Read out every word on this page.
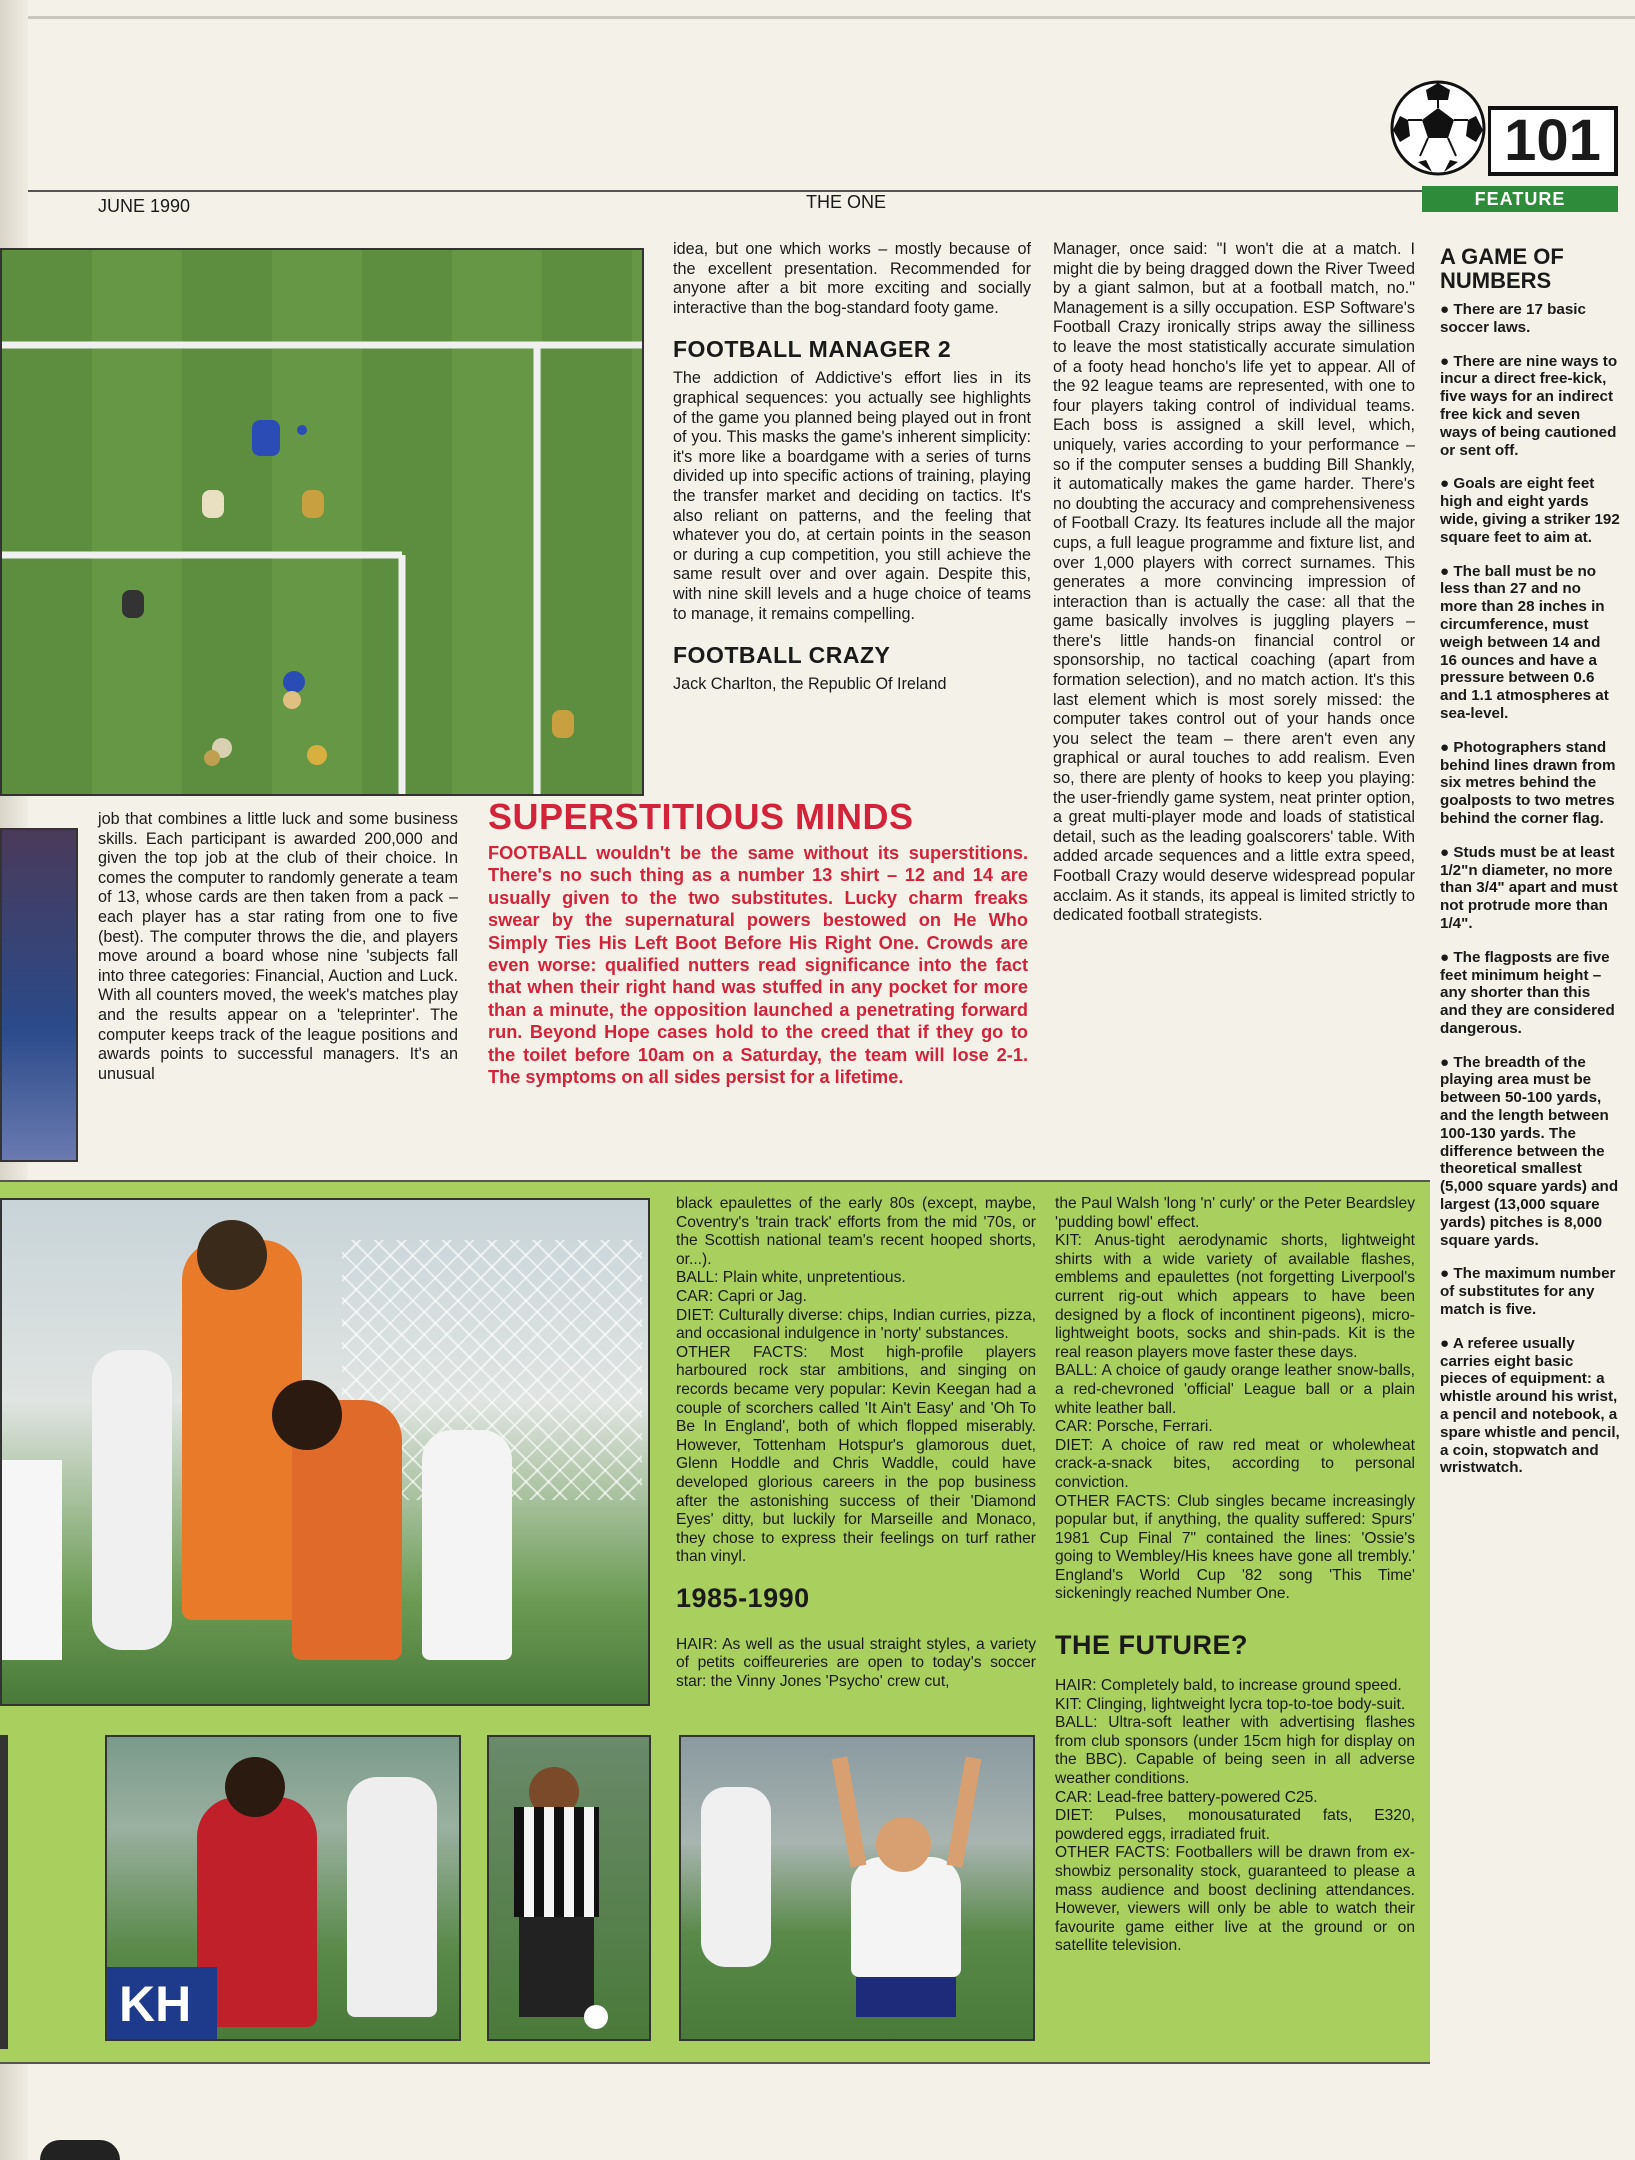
101
FEATURE
JUNE 1990	THE ONE

idea, but one which works – mostly because of the excellent presentation. Recommended for anyone after a bit more exciting and socially interactive than the bog-standard footy game.

FOOTBALL MANAGER 2

The addiction of Addictive's effort lies in its graphical sequences: you actually see highlights of the game you planned being played out in front of you. This masks the game's inherent simplicity: it's more like a boardgame with a series of turns divided up into specific actions of training, playing the transfer market and deciding on tactics. It's also reliant on patterns, and the feeling that whatever you do, at certain points in the season or during a cup competition, you still achieve the same result over and over again. Despite this, with nine skill levels and a huge choice of teams to manage, it remains compelling.

FOOTBALL CRAZY

Jack Charlton, the Republic Of Ireland

Manager, once said: "I won't die at a match. I might die by being dragged down the River Tweed by a giant salmon, but at a football match, no." Management is a silly occupation. ESP Software's Football Crazy ironically strips away the silliness to leave the most statistically accurate simulation of a footy head honcho's life yet to appear. All of the 92 league teams are represented, with one to four players taking control of individual teams. Each boss is assigned a skill level, which, uniquely, varies according to your performance – so if the computer senses a budding Bill Shankly, it automatically makes the game harder. There's no doubting the accuracy and comprehensiveness of Football Crazy. Its features include all the major cups, a full league programme and fixture list, and over 1,000 players with correct surnames. This generates a more convincing impression of interaction than is actually the case: all that the game basically involves is juggling players – there's little hands-on financial control or sponsorship, no tactical coaching (apart from formation selection), and no match action. It's this last element which is most sorely missed: the computer takes control out of your hands once you select the team – there aren't even any graphical or aural touches to add realism. Even so, there are plenty of hooks to keep you playing: the user-friendly game system, neat printer option, a great multi-player mode and loads of statistical detail, such as the leading goalscorers' table. With added arcade sequences and a little extra speed, Football Crazy would deserve widespread popular acclaim. As it stands, its appeal is limited strictly to dedicated football strategists.

A GAME OF
NUMBERS
● There are 17 basic soccer laws.
● There are nine ways to incur a direct free-kick, five ways for an indirect free kick and seven ways of being cautioned or sent off.
● Goals are eight feet high and eight yards wide, giving a striker 192 square feet to aim at.
● The ball must be no less than 27 and no more than 28 inches in circumference, must weigh between 14 and 16 ounces and have a pressure between 0.6 and 1.1 atmospheres at sea-level.
● Photographers stand behind lines drawn from six metres behind the goalposts to two metres behind the corner flag.
● Studs must be at least 1/2"n diameter, no more than 3/4" apart and must not protrude more than 1/4".
● The flagposts are five feet minimum height – any shorter than this and they are considered dangerous.
● The breadth of the playing area must be between 50-100 yards, and the length between 100-130 yards. The difference between the theoretical smallest (5,000 square yards) and largest (13,000 square yards) pitches is 8,000 square yards.
● The maximum number of substitutes for any match is five.
● A referee usually carries eight basic pieces of equipment: a whistle around his wrist, a pencil and notebook, a spare whistle and pencil, a coin, stopwatch and wristwatch.

job that combines a little luck and some business skills. Each participant is awarded 200,000 and given the top job at the club of their choice. In comes the computer to randomly generate a team of 13, whose cards are then taken from a pack – each player has a star rating from one to five (best). The computer throws the die, and players move around a board whose nine 'subjects fall into three categories: Financial, Auction and Luck. With all counters moved, the week's matches play and the results appear on a 'teleprinter'. The computer keeps track of the league positions and awards points to successful managers. It's an unusual

SUPERSTITIOUS MINDS

FOOTBALL wouldn't be the same without its superstitions. There's no such thing as a number 13 shirt – 12 and 14 are usually given to the two substitutes. Lucky charm freaks swear by the supernatural powers bestowed on He Who Simply Ties His Left Boot Before His Right One. Crowds are even worse: qualified nutters read significance into the fact that when their right hand was stuffed in any pocket for more than a minute, the opposition launched a penetrating forward run. Beyond Hope cases hold to the creed that if they go to the toilet before 10am on a Saturday, the team will lose 2-1. The symptoms on all sides persist for a lifetime.

black epaulettes of the early 80s (except, maybe, Coventry's 'train track' efforts from the mid '70s, or the Scottish national team's recent hooped shorts, or...).

BALL: Plain white, unpretentious.

CAR: Capri or Jag.

DIET: Culturally diverse: chips, Indian curries, pizza, and occasional indulgence in 'norty' substances.

OTHER FACTS: Most high-profile players harboured rock star ambitions, and singing on records became very popular: Kevin Keegan had a couple of scorchers called 'It Ain't Easy' and 'Oh To Be In England', both of which flopped miserably. However, Tottenham Hotspur's glamorous duet, Glenn Hoddle and Chris Waddle, could have developed glorious careers in the pop business after the astonishing success of their 'Diamond Eyes' ditty, but luckily for Marseille and Monaco, they chose to express their feelings on turf rather than vinyl.

1985-1990

HAIR: As well as the usual straight styles, a variety of petits coiffeureries are open to today's soccer star: the Vinny Jones 'Psycho' crew cut,

the Paul Walsh 'long 'n' curly' or the Peter Beardsley 'pudding bowl' effect.

KIT: Anus-tight aerodynamic shorts, lightweight shirts with a wide variety of available flashes, emblems and epaulettes (not forgetting Liverpool's current rig-out which appears to have been designed by a flock of incontinent pigeons), micro-lightweight boots, socks and shin-pads. Kit is the real reason players move faster these days.

BALL: A choice of gaudy orange leather snow-balls, a red-chevroned 'official' League ball or a plain white leather ball.

CAR: Porsche, Ferrari.

DIET: A choice of raw red meat or wholewheat crack-a-snack bites, according to personal conviction.

OTHER FACTS: Club singles became increasingly popular but, if anything, the quality suffered: Spurs' 1981 Cup Final 7" contained the lines: 'Ossie's going to Wembley/His knees have gone all trembly.' England's World Cup '82 song 'This Time' sickeningly reached Number One.

THE FUTURE?

HAIR: Completely bald, to increase ground speed.

KIT: Clinging, lightweight lycra top-to-toe body-suit.

BALL: Ultra-soft leather with advertising flashes from club sponsors (under 15cm high for display on the BBC). Capable of being seen in all adverse weather conditions.

CAR: Lead-free battery-powered C25.

DIET: Pulses, monousaturated fats, E320, powdered eggs, irradiated fruit.

OTHER FACTS: Footballers will be drawn from ex-showbiz personality stock, guaranteed to please a mass audience and boost declining attendances. However, viewers will only be able to watch their favourite game either live at the ground or on satellite television.

KH
